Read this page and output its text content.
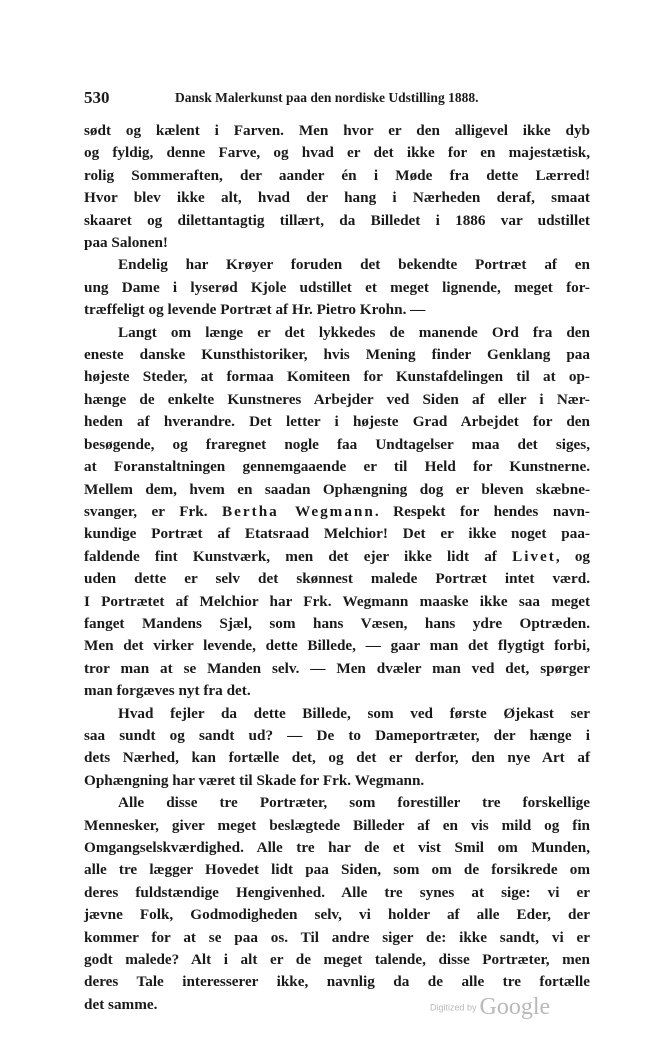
530	Dansk Malerkunst paa den nordiske Udstilling 1888.

sødt og kælent i Farven. Men hvor er den alligevel ikke dyb
og fyldig, denne Farve, og hvad er det ikke for en majestætisk,
rolig Sommeraften, der aander én i Møde fra dette Lærred!
Hvor blev ikke alt, hvad der hang i Nærheden deraf, smaat
skaaret og dilettantagtig tillært, da Billedet i 1886 var udstillet

paa Salonen!

Endelig har Krøyer foruden det bekendte Portræt af en
ung Dame i lyserød Kjole udstillet et meget lignende, meget for-

træffeligt og levende Portræt af Hr. Pietro Krohn. —

Langt om længe er det lykkedes de manende Ord fra den
eneste danske Kunsthistoriker, hvis Mening finder Genklang paa
højeste Steder, at formaa Komiteen for Kunstafdelingen til at op-
hænge de enkelte Kunstneres Arbejder ved Siden af eller i Nær-
heden af hverandre. Det letter i højeste Grad Arbejdet for den
besøgende, og fraregnet nogle faa Undtagelser maa det siges,
at Foranstaltningen gennemgaaende er til Held for Kunstnerne.
Mellem dem, hvem en saadan Ophængning dog er bleven skæbne-
svanger, er Frk. Bertha Wegmann. Respekt for hendes navn-
kundige Portræt af Etatsraad Melchior! Det er ikke noget paa-
faldende fint Kunstværk, men det ejer ikke lidt af Livet, og
uden dette er selv det skønnest malede Portræt intet værd.
I Portrætet af Melchior har Frk. Wegmann maaske ikke saa meget
fanget Mandens Sjæl, som hans Væsen, hans ydre Optræden.
Men det virker levende, dette Billede, — gaar man det flygtigt forbi,
tror man at se Manden selv. — Men dvæler man ved det, spørger

man forgæves nyt fra det.

Hvad fejler da dette Billede, som ved første Øjekast ser
saa sundt og sandt ud? — De to Dameportræter, der hænge i
dets Nærhed, kan fortælle det, og det er derfor, den nye Art af

Ophængning har været til Skade for Frk. Wegmann.

Alle disse tre Portræter, som forestiller tre forskellige
Mennesker, giver meget beslægtede Billeder af en vis mild og fin
Omgangselskværdighed. Alle tre har de et vist Smil om Munden,
alle tre lægger Hovedet lidt paa Siden, som om de forsikrede om
deres fuldstændige Hengivenhed. Alle tre synes at sige: vi er
jævne Folk, Godmodigheden selv, vi holder af alle Eder, der
kommer for at se paa os. Til andre siger de: ikke sandt, vi er
godt malede? Alt i alt er de meget talende, disse Portræter, men
deres Tale interesserer ikke, navnlig da de alle tre fortælle

det samme.	Digitized by Google
